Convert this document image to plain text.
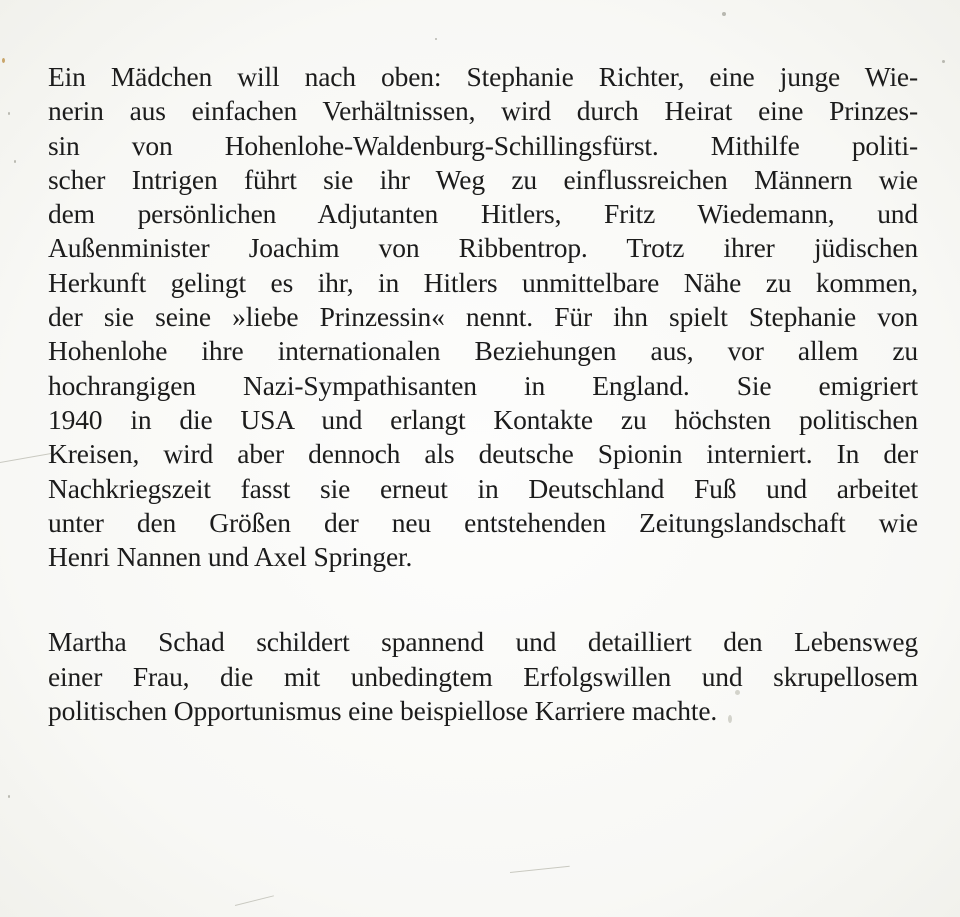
Ein Mädchen will nach oben: Stephanie Richter, eine junge Wie-
nerin aus einfachen Verhältnissen, wird durch Heirat eine Prinzes-
sin von Hohenlohe-Waldenburg-Schillingsfürst. Mithilfe politi-
scher Intrigen führt sie ihr Weg zu einflussreichen Männern wie
dem persönlichen Adjutanten Hitlers, Fritz Wiedemann, und
Außenminister Joachim von Ribbentrop. Trotz ihrer jüdischen
Herkunft gelingt es ihr, in Hitlers unmittelbare Nähe zu kommen,
der sie seine »liebe Prinzessin« nennt. Für ihn spielt Stephanie von
Hohenlohe ihre internationalen Beziehungen aus, vor allem zu
hochrangigen Nazi-Sympathisanten in England. Sie emigriert
1940 in die USA und erlangt Kontakte zu höchsten politischen
Kreisen, wird aber dennoch als deutsche Spionin interniert. In der
Nachkriegszeit fasst sie erneut in Deutschland Fuß und arbeitet
unter den Größen der neu entstehenden Zeitungslandschaft wie
Henri Nannen und Axel Springer.
Martha Schad schildert spannend und detailliert den Lebensweg
einer Frau, die mit unbedingtem Erfolgswillen und skrupellosem
politischen Opportunismus eine beispiellose Karriere machte.
